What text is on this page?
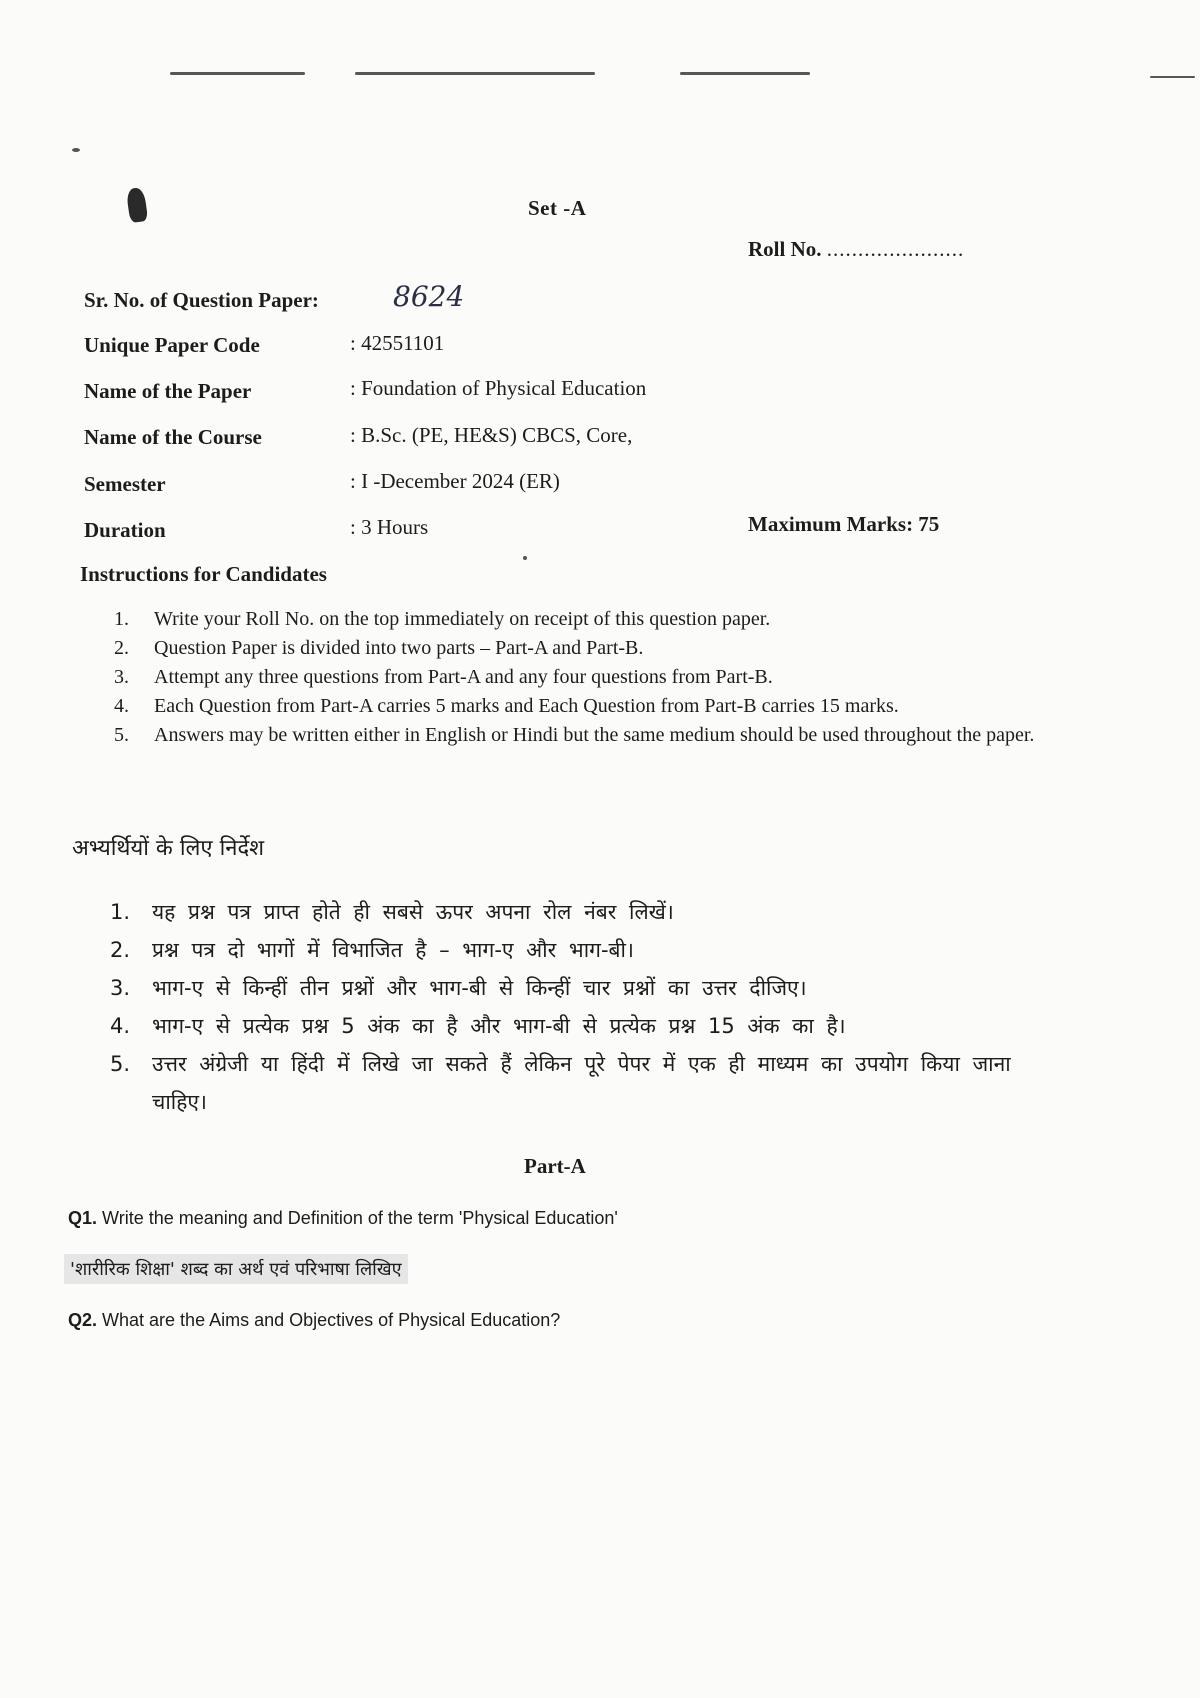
Set -A
Roll No. ......................
Sr. No. of Question Paper:	8624
Unique Paper Code	: 42551101
Name of the Paper	: Foundation of Physical Education
Name of the Course	: B.Sc. (PE, HE&S) CBCS, Core,
Semester	: I -December 2024 (ER)
Duration	: 3 Hours	Maximum Marks: 75
Instructions for Candidates
1. Write your Roll No. on the top immediately on receipt of this question paper.
2. Question Paper is divided into two parts – Part-A and Part-B.
3. Attempt any three questions from Part-A and any four questions from Part-B.
4. Each Question from Part-A carries 5 marks and Each Question from Part-B carries 15 marks.
5. Answers may be written either in English or Hindi but the same medium should be used throughout the paper.
अभ्यर्थियों के लिए निर्देश
1. यह प्रश्न पत्र प्राप्त होते ही सबसे ऊपर अपना रोल नंबर लिखें।
2. प्रश्न पत्र दो भागों में विभाजित है – भाग-ए और भाग-बी।
3. भाग-ए से किन्हीं तीन प्रश्नों और भाग-बी से किन्हीं चार प्रश्नों का उत्तर दीजिए।
4. भाग-ए से प्रत्येक प्रश्न 5 अंक का है और भाग-बी से प्रत्येक प्रश्न 15 अंक का है।
5. उत्तर अंग्रेजी या हिंदी में लिखे जा सकते हैं लेकिन पूरे पेपर में एक ही माध्यम का उपयोग किया जाना चाहिए।
Part-A
Q1. Write the meaning and Definition of the term 'Physical Education'
'शारीरिक शिक्षा' शब्द का अर्थ एवं परिभाषा लिखिए
Q2. What are the Aims and Objectives of Physical Education?
